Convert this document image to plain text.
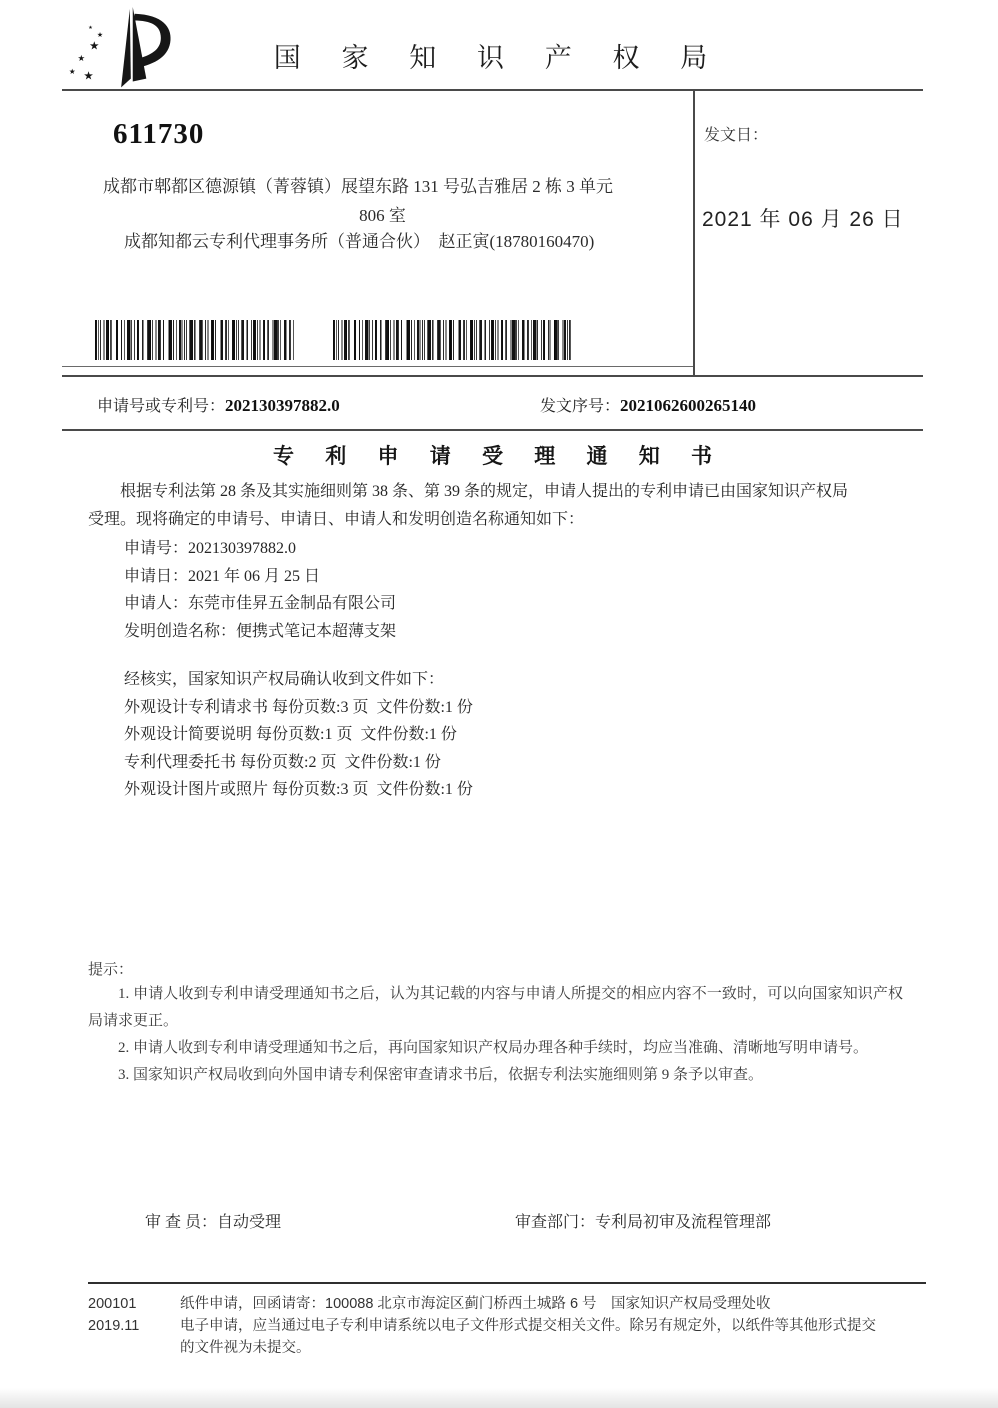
★
★
★ ★
★
★
国 家 知 识 产 权 局
611730
成都市郫都区德源镇（菁蓉镇）展望东路 131 号弘吉雅居 2 栋 3 单元
806 室
成都知都云专利代理事务所（普通合伙）　赵正寅(18780160470)
发文日：
2021 年 06 月 26 日
申请号或专利号：202130397882.0	发文序号：2021062600265140
专 利 申 请 受 理 通 知 书
根据专利法第 28 条及其实施细则第 38 条、第 39 条的规定，申请人提出的专利申请已由国家知识产权局
受理。现将确定的申请号、申请日、申请人和发明创造名称通知如下：
申请号：202130397882.0
申请日：2021 年 06 月 25 日
申请人：东莞市佳昇五金制品有限公司
发明创造名称：便携式笔记本超薄支架
经核实，国家知识产权局确认收到文件如下：
外观设计专利请求书 每份页数:3 页 文件份数:1 份
外观设计简要说明 每份页数:1 页 文件份数:1 份
专利代理委托书 每份页数:2 页 文件份数:1 份
外观设计图片或照片 每份页数:3 页 文件份数:1 份
提示：

1. 申请人收到专利申请受理通知书之后，认为其记载的内容与申请人所提交的相应内容不一致时，可以向国家知识产权局请求更正。

2. 申请人收到专利申请受理通知书之后，再向国家知识产权局办理各种手续时，均应当准确、清晰地写明申请号。

3. 国家知识产权局收到向外国申请专利保密审查请求书后，依据专利法实施细则第 9 条予以审查。

审 查 员：自动受理	审查部门：专利局初审及流程管理部
200101
2019.11
纸件申请，回函请寄：100088 北京市海淀区蓟门桥西土城路 6 号　国家知识产权局受理处收
电子申请，应当通过电子专利申请系统以电子文件形式提交相关文件。除另有规定外，以纸件等其他形式提交的文件视为未提交。
